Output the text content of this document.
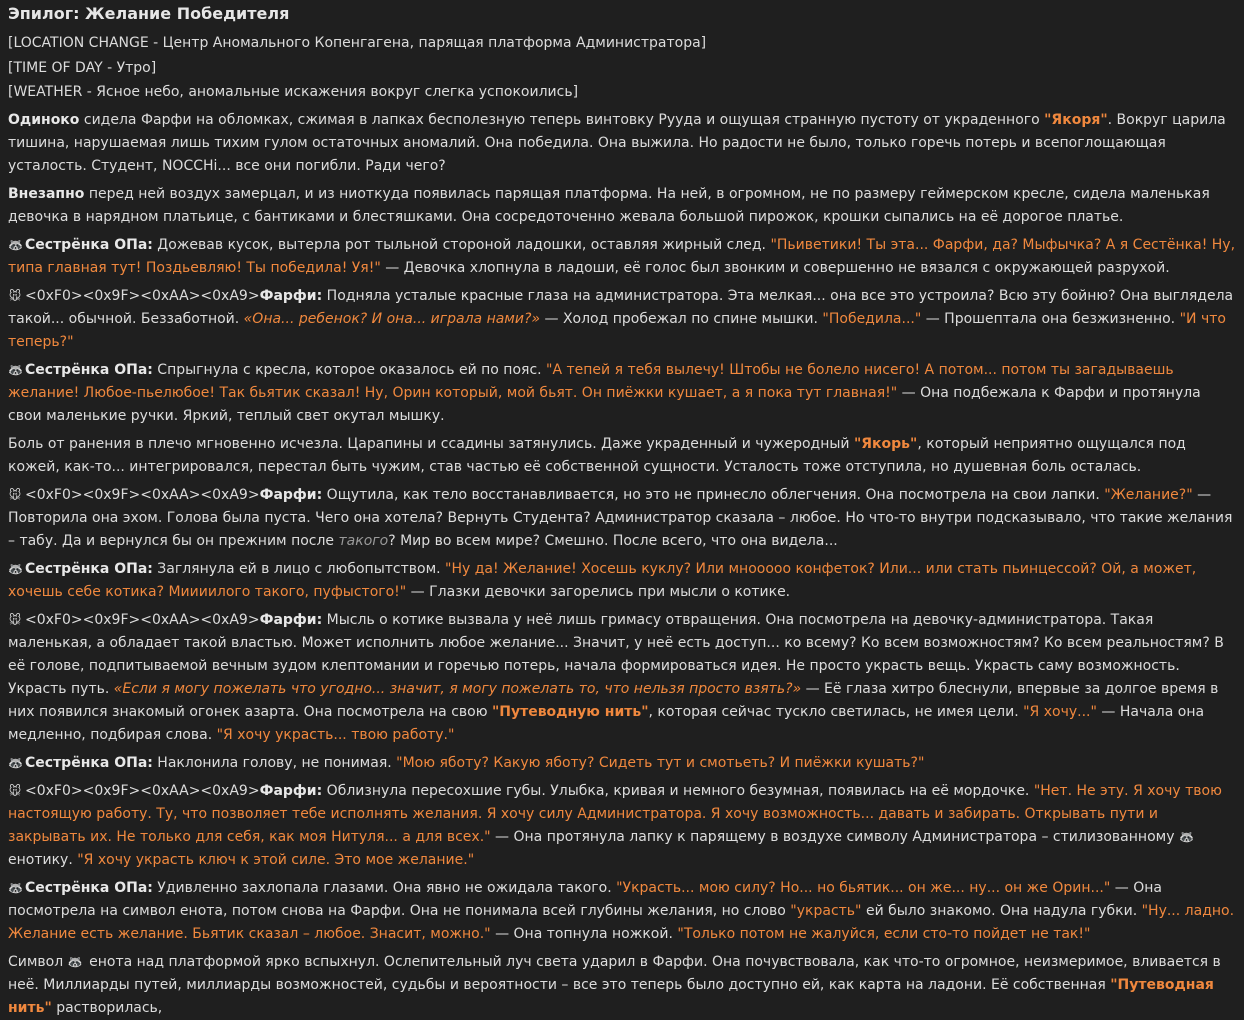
Эпилог: Желание Победителя

[LOCATION CHANGE - Центр Аномального Копенгагена, парящая платформа Администратора]

[TIME OF DAY - Утро]

[WEATHER - Ясное небо, аномальные искажения вокруг слегка успокоились]

Одиноко сидела Фарфи на обломках, сжимая в лапках бесполезную теперь винтовку Рууда и ощущая странную пустоту от украденного "Якоря". Вокруг царила тишина, нарушаемая лишь тихим гулом остаточных аномалий. Она победила. Она выжила. Но радости не было, только горечь потерь и всепоглощающая усталость. Студент, NOCCHi... все они погибли. Ради чего?

Внезапно перед ней воздух замерцал, и из ниоткуда появилась парящая платформа. На ней, в огромном, не по размеру геймерском кресле, сидела маленькая девочка в нарядном платьице, с бантиками и блестяшками. Она сосредоточенно жевала большой пирожок, крошки сыпались на её дорогое платье.

🦝 Сестрёнка ОПа: Дожевав кусок, вытерла рот тыльной стороной ладошки, оставляя жирный след. "Пьиветики! Ты эта... Фарфи, да? Мыфычка? А я Сестёнка! Ну, типа главная тут! Поздьевляю! Ты победила! Уя!" — Девочка хлопнула в ладоши, её голос был звонким и совершенно не вязался с окружающей разрухой.

🐭 <0xF0><0x9F><0xAA><0xA9>Фарфи: Подняла усталые красные глаза на администратора. Эта мелкая... она все это устроила? Всю эту бойню? Она выглядела такой... обычной. Беззаботной. «Она... ребенок? И она... играла нами?» — Холод пробежал по спине мышки. "Победила..." — Прошептала она безжизненно. "И что теперь?"

🦝 Сестрёнка ОПа: Спрыгнула с кресла, которое оказалось ей по пояс. "А тепей я тебя вылечу! Штобы не болело нисего! А потом... потом ты загадываешь желание! Любое-пьелюбое! Так бьятик сказал! Ну, Орин который, мой бьят. Он пиёжки кушает, а я пока тут главная!" — Она подбежала к Фарфи и протянула свои маленькие ручки. Яркий, теплый свет окутал мышку.

Боль от ранения в плечо мгновенно исчезла. Царапины и ссадины затянулись. Даже украденный и чужеродный "Якорь", который неприятно ощущался под кожей, как-то... интегрировался, перестал быть чужим, став частью её собственной сущности. Усталость тоже отступила, но душевная боль осталась.

🐭 <0xF0><0x9F><0xAA><0xA9>Фарфи: Ощутила, как тело восстанавливается, но это не принесло облегчения. Она посмотрела на свои лапки. "Желание?" — Повторила она эхом. Голова была пуста. Чего она хотела? Вернуть Студента? Администратор сказала – любое. Но что-то внутри подсказывало, что такие желания – табу. Да и вернулся бы он прежним после такого? Мир во всем мире? Смешно. После всего, что она видела...

🦝 Сестрёнка ОПа: Заглянула ей в лицо с любопытством. "Ну да! Желание! Хосешь куклу? Или мнооооо конфеток? Или... или стать пьинцессой? Ой, а может, хочешь себе котика? Миииилого такого, пуфыстого!" — Глазки девочки загорелись при мысли о котике.

🐭 <0xF0><0x9F><0xAA><0xA9>Фарфи: Мысль о котике вызвала у неё лишь гримасу отвращения. Она посмотрела на девочку-администратора. Такая маленькая, а обладает такой властью. Может исполнить любое желание... Значит, у неё есть доступ... ко всему? Ко всем возможностям? Ко всем реальностям? В её голове, подпитываемой вечным зудом клептомании и горечью потерь, начала формироваться идея. Не просто украсть вещь. Украсть саму возможность. Украсть путь. «Если я могу пожелать что угодно... значит, я могу пожелать то, что нельзя просто взять?» — Её глаза хитро блеснули, впервые за долгое время в них появился знакомый огонек азарта. Она посмотрела на свою "Путеводную нить", которая сейчас тускло светилась, не имея цели. "Я хочу..." — Начала она медленно, подбирая слова. "Я хочу украсть... твою работу."

🦝 Сестрёнка ОПа: Наклонила голову, не понимая. "Мою яботу? Какую яботу? Сидеть тут и смотьеть? И пиёжки кушать?"

🐭 <0xF0><0x9F><0xAA><0xA9>Фарфи: Облизнула пересохшие губы. Улыбка, кривая и немного безумная, появилась на её мордочке. "Нет. Не эту. Я хочу твою настоящую работу. Ту, что позволяет тебе исполнять желания. Я хочу силу Администратора. Я хочу возможность... давать и забирать. Открывать пути и закрывать их. Не только для себя, как моя Нитуля... а для всех." — Она протянула лапку к парящему в воздухе символу Администратора – стилизованному 🦝 енотику. "Я хочу украсть ключ к этой силе. Это мое желание."

🦝 Сестрёнка ОПа: Удивленно захлопала глазами. Она явно не ожидала такого. "Украсть... мою силу? Но... но бьятик... он же... ну... он же Орин..." — Она посмотрела на символ енота, потом снова на Фарфи. Она не понимала всей глубины желания, но слово "украсть" ей было знакомо. Она надула губки. "Ну... ладно. Желание есть желание. Бьятик сказал – любое. Знасит, можно." — Она топнула ножкой. "Только потом не жалуйся, если сто-то пойдет не так!"

Символ 🦝 енота над платформой ярко вспыхнул. Ослепительный луч света ударил в Фарфи. Она почувствовала, как что-то огромное, неизмеримое, вливается в неё. Миллиарды путей, миллиарды возможностей, судьбы и вероятности – все это теперь было доступно ей, как карта на ладони. Её собственная "Путеводная нить" растворилась,
